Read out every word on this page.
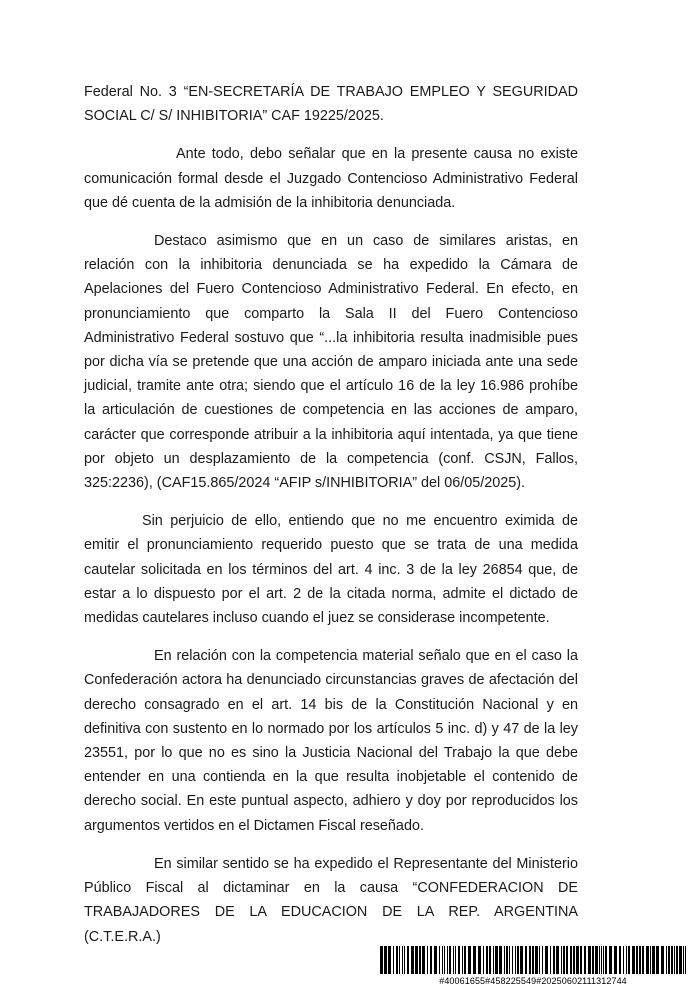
Federal No. 3 “EN-SECRETARÍA DE TRABAJO EMPLEO Y SEGURIDAD SOCIAL C/ S/ INHIBITORIA” CAF 19225/2025.

Ante todo, debo señalar que en la presente causa no existe comunicación formal desde el Juzgado Contencioso Administrativo Federal que dé cuenta de la admisión de la inhibitoria denunciada.

Destaco asimismo que en un caso de similares aristas, en relación con la inhibitoria denunciada se ha expedido la Cámara de Apelaciones del Fuero Contencioso Administrativo Federal. En efecto, en pronunciamiento que comparto la Sala II del Fuero Contencioso Administrativo Federal sostuvo que “...la inhibitoria resulta inadmisible pues por dicha vía se pretende que una acción de amparo iniciada ante una sede judicial, tramite ante otra; siendo que el artículo 16 de la ley 16.986 prohíbe la articulación de cuestiones de competencia en las acciones de amparo, carácter que corresponde atribuir a la inhibitoria aquí intentada, ya que tiene por objeto un desplazamiento de la competencia (conf. CSJN, Fallos, 325:2236), (CAF15.865/2024 “AFIP s/INHIBITORIA” del 06/05/2025).

Sin perjuicio de ello, entiendo que no me encuentro eximida de emitir el pronunciamiento requerido puesto que se trata de una medida cautelar solicitada en los términos del art. 4 inc. 3 de la ley 26854 que, de estar a lo dispuesto por el art. 2 de la citada norma, admite el dictado de medidas cautelares incluso cuando el juez se considerase incompetente.

En relación con la competencia material señalo que en el caso la Confederación actora ha denunciado circunstancias graves de afectación del derecho consagrado en el art. 14 bis de la Constitución Nacional y en definitiva con sustento en lo normado por los artículos 5 inc. d) y 47 de la ley 23551, por lo que no es sino la Justicia Nacional del Trabajo la que debe entender en una contienda en la que resulta inobjetable el contenido de derecho social. En este puntual aspecto, adhiero y doy por reproducidos los argumentos vertidos en el Dictamen Fiscal reseñado.

En similar sentido se ha expedido el Representante del Ministerio Público Fiscal al dictaminar en la causa “CONFEDERACION DE TRABAJADORES DE LA EDUCACION DE LA REP. ARGENTINA (C.T.E.R.A.)

#40061655#458225549#20250602111312744
